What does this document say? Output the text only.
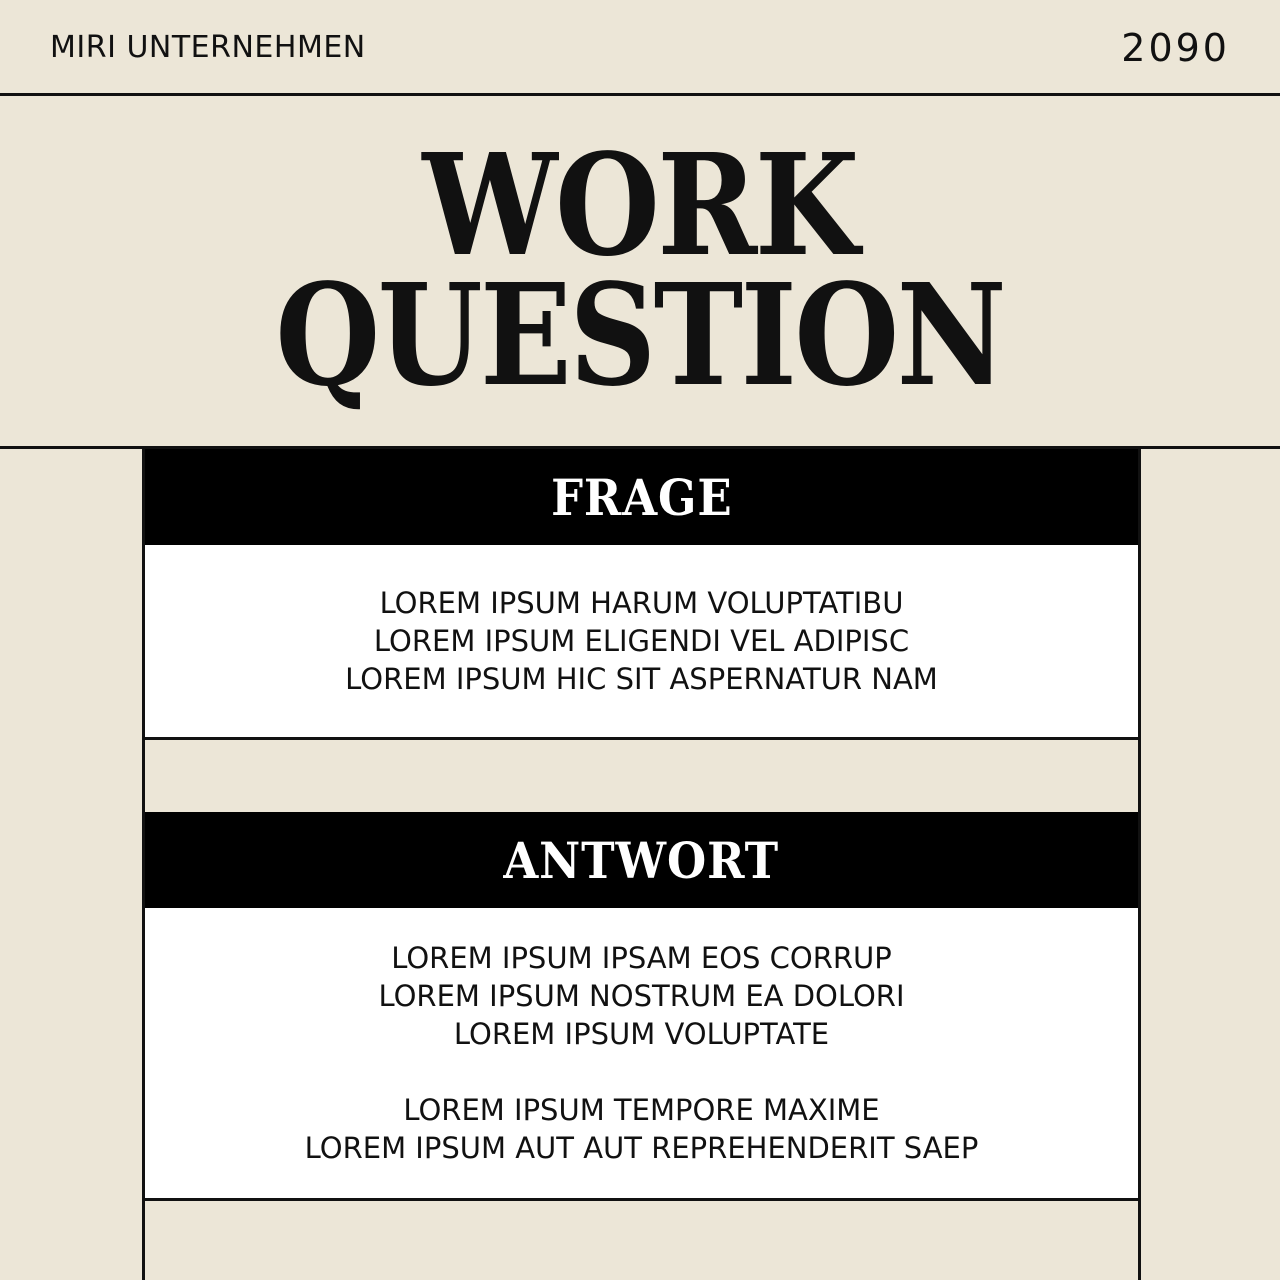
MIRI UNTERNEHMEN	2090
WORK
QUESTION
FRAGE
LOREM IPSUM HARUM VOLUPTATIBU
LOREM IPSUM ELIGENDI VEL ADIPISC
LOREM IPSUM HIC SIT ASPERNATUR NAM
ANTWORT
LOREM IPSUM IPSAM EOS CORRUP
LOREM IPSUM NOSTRUM EA DOLORI
LOREM IPSUM VOLUPTATE
LOREM IPSUM TEMPORE MAXIME
LOREM IPSUM AUT AUT REPREHENDERIT SAEP
